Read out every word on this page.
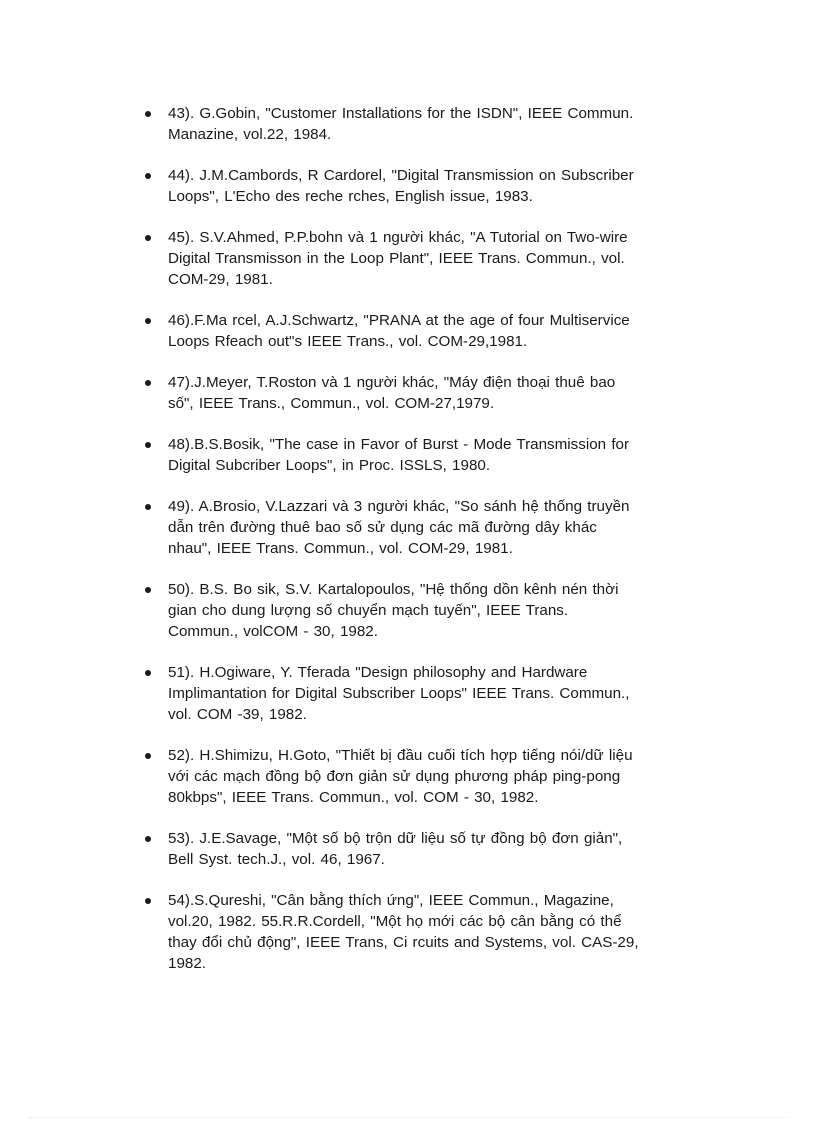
43). G.Gobin, "Customer Installations for the ISDN", IEEE Commun.
Manazine, vol.22, 1984.
44). J.M.Cambords, R Cardorel, "Digital Transmission on Subscriber
Loops", L'Echo des reche rches, English issue, 1983.
45). S.V.Ahmed, P.P.bohn và 1 người khác, "A Tutorial on Two-wire
Digital Transmisson in the Loop Plant", IEEE Trans. Commun., vol.
COM-29, 1981.
46).F.Ma rcel, A.J.Schwartz, "PRANA at the age of four Multiservice
Loops Rfeach out"s IEEE Trans., vol. COM-29,1981.
47).J.Meyer, T.Roston và 1 người khác, "Máy điện thoại thuê bao
số", IEEE Trans., Commun., vol. COM-27,1979.
48).B.S.Bosik, "The case in Favor of Burst - Mode Transmission for
Digital Subcriber Loops", in Proc. ISSLS, 1980.
49). A.Brosio, V.Lazzari và 3 người khác, "So sánh hệ thống truyền
dẫn trên đường thuê bao số sử dụng các mã đường dây khác
nhau", IEEE Trans. Commun., vol. COM-29, 1981.
50). B.S. Bo sik, S.V. Kartalopoulos, "Hệ thống dồn kênh nén thời
gian cho dung lượng số chuyển mạch tuyến", IEEE Trans.
Commun., volCOM - 30, 1982.
51). H.Ogiware, Y. Tferada "Design philosophy and Hardware
Implimantation for Digital Subscriber Loops" IEEE Trans. Commun.,
vol. COM -39, 1982.
52). H.Shimizu, H.Goto, "Thiết bị đầu cuối tích hợp tiếng nói/dữ liệu
với các mạch đồng bộ đơn giản sử dụng phương pháp ping-pong
80kbps", IEEE Trans. Commun., vol. COM - 30, 1982.
53). J.E.Savage, "Một số bộ trộn dữ liệu số tự đồng bộ đơn giản",
Bell Syst. tech.J., vol. 46, 1967.
54).S.Qureshi, "Cân bằng thích ứng", IEEE Commun., Magazine,
vol.20, 1982. 55.R.R.Cordell, "Một họ mới các bộ cân bằng có thể
thay đổi chủ động", IEEE Trans, Ci rcuits and Systems, vol. CAS-29,
1982.
